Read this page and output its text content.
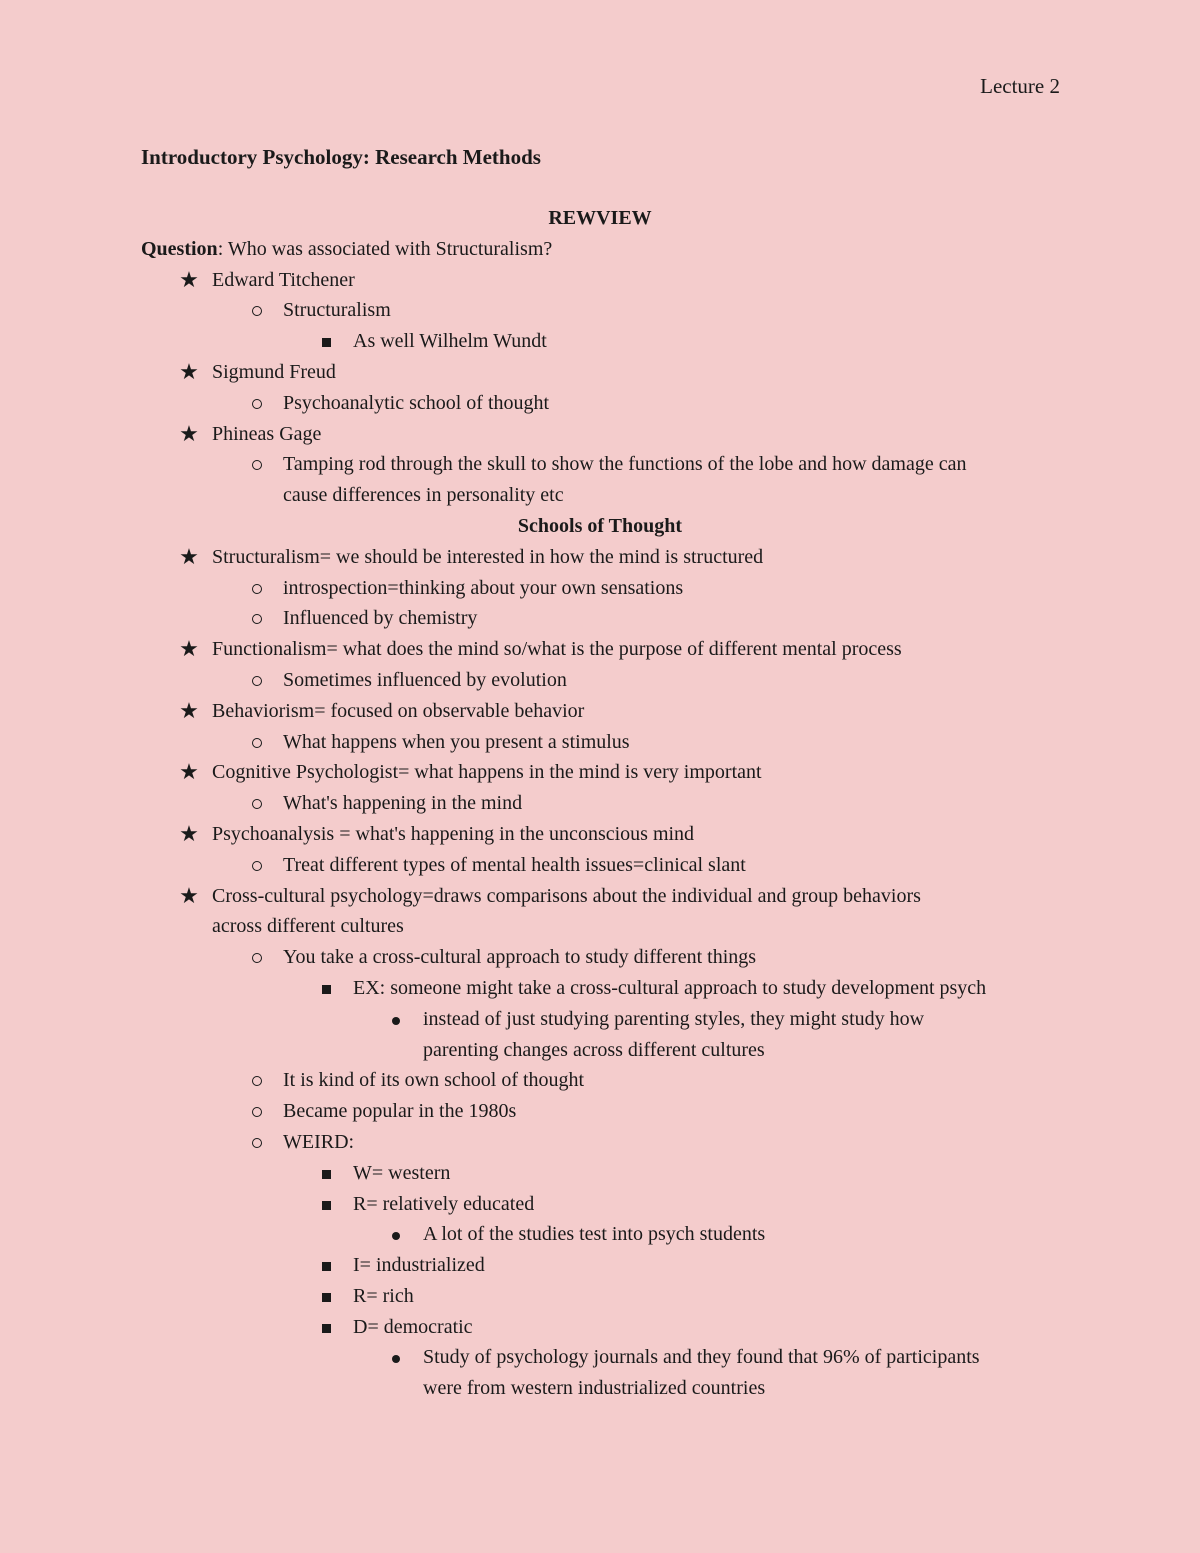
Lecture 2
Introductory Psychology: Research Methods
REWVIEW
Question: Who was associated with Structuralism?
★ Edward Titchener
Structuralism
As well Wilhelm Wundt
★ Sigmund Freud
Psychoanalytic school of thought
★ Phineas Gage
Tamping rod through the skull to show the functions of the lobe and how damage can
cause differences in personality etc
Schools of Thought
★ Structuralism= we should be interested in how the mind is structured
introspection=thinking about your own sensations
Influenced by chemistry
★ Functionalism= what does the mind so/what is the purpose of different mental process
Sometimes influenced by evolution
★ Behaviorism= focused on observable behavior
What happens when you present a stimulus
★ Cognitive Psychologist= what happens in the mind is very important
What's happening in the mind
★ Psychoanalysis = what's happening in the unconscious mind
Treat different types of mental health issues=clinical slant
★ Cross-cultural psychology=draws comparisons about the individual and group behaviors
across different cultures
You take a cross-cultural approach to study different things
EX: someone might take a cross-cultural approach to study development psych
instead of just studying parenting styles, they might study how
parenting changes across different cultures
It is kind of its own school of thought
Became popular in the 1980s
WEIRD:
W= western
R= relatively educated
A lot of the studies test into psych students
I= industrialized
R= rich
D= democratic
Study of psychology journals and they found that 96% of participants
were from western industrialized countries
